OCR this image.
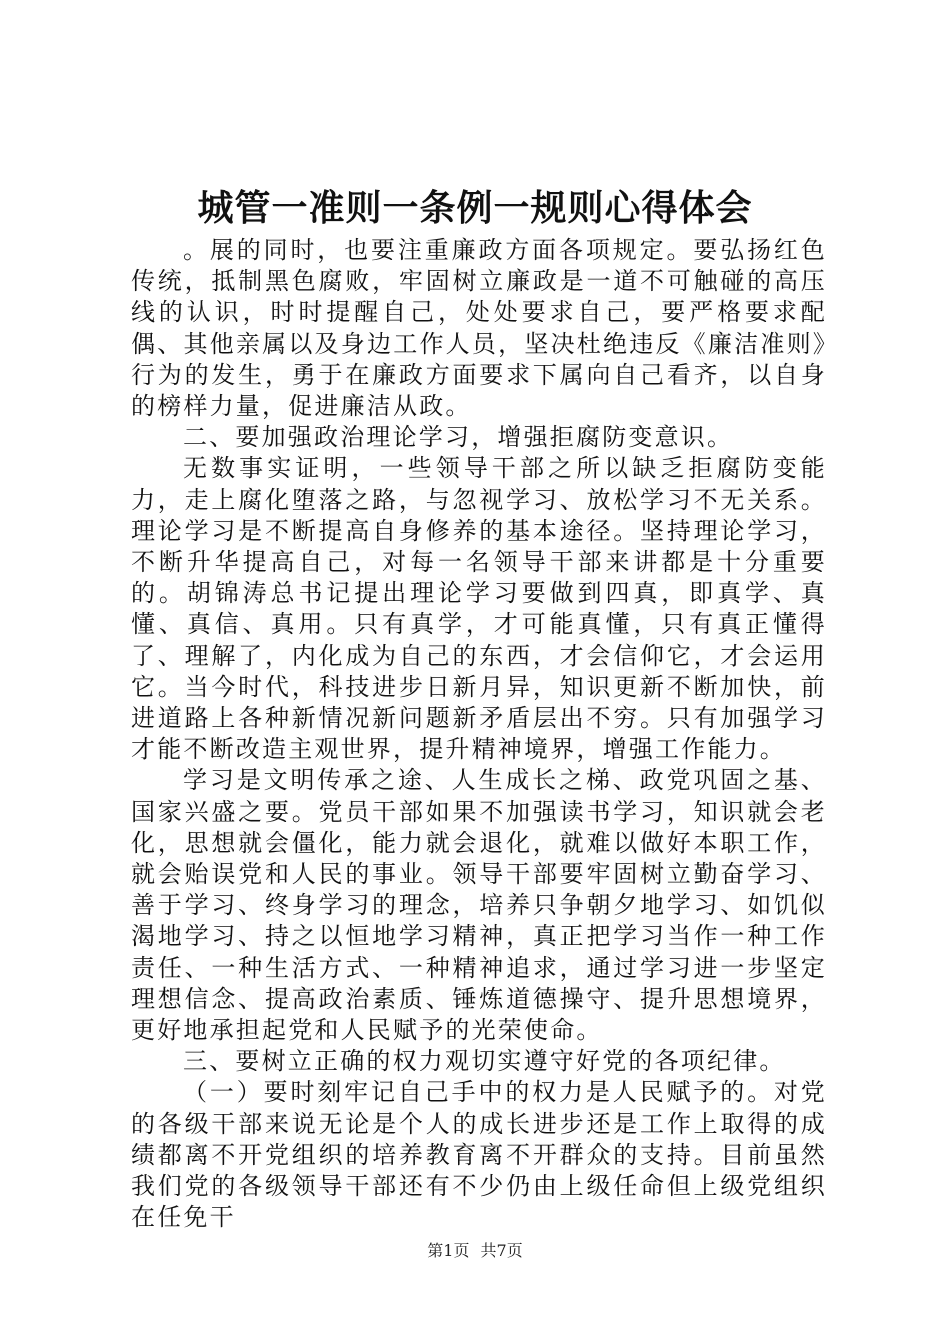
城管一准则一条例一规则心得体会

。展的同时，也要注重廉政方面各项规定。要弘扬红色传统，抵制黑色腐败，牢固树立廉政是一道不可触碰的高压线的认识，时时提醒自己，处处要求自己，要严格要求配偶、其他亲属以及身边工作人员，坚决杜绝违反《廉洁准则》行为的发生，勇于在廉政方面要求下属向自己看齐，以自身的榜样力量，促进廉洁从政。

二、要加强政治理论学习，增强拒腐防变意识。

无数事实证明，一些领导干部之所以缺乏拒腐防变能力，走上腐化堕落之路，与忽视学习、放松学习不无关系。理论学习是不断提高自身修养的基本途径。坚持理论学习，不断升华提高自己，对每一名领导干部来讲都是十分重要的。胡锦涛总书记提出理论学习要做到四真，即真学、真懂、真信、真用。只有真学，才可能真懂，只有真正懂得了、理解了，内化成为自己的东西，才会信仰它，才会运用它。当今时代，科技进步日新月异，知识更新不断加快，前进道路上各种新情况新问题新矛盾层出不穷。只有加强学习才能不断改造主观世界，提升精神境界，增强工作能力。

学习是文明传承之途、人生成长之梯、政党巩固之基、国家兴盛之要。党员干部如果不加强读书学习，知识就会老化，思想就会僵化，能力就会退化，就难以做好本职工作，就会贻误党和人民的事业。领导干部要牢固树立勤奋学习、善于学习、终身学习的理念，培养只争朝夕地学习、如饥似渴地学习、持之以恒地学习精神，真正把学习当作一种工作责任、一种生活方式、一种精神追求，通过学习进一步坚定理想信念、提高政治素质、锤炼道德操守、提升思想境界，更好地承担起党和人民赋予的光荣使命。

三、要树立正确的权力观切实遵守好党的各项纪律。

（一）要时刻牢记自己手中的权力是人民赋予的。对党的各级干部来说无论是个人的成长进步还是工作上取得的成绩都离不开党组织的培养教育离不开群众的支持。目前虽然我们党的各级领导干部还有不少仍由上级任命但上级党组织在任免干

第1页 共7页
